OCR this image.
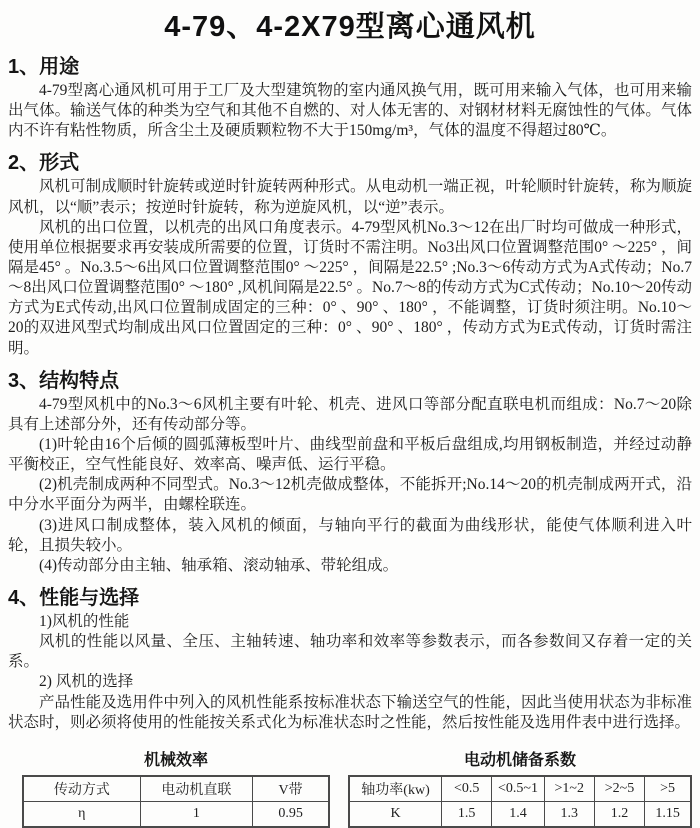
4-79、4-2X79型离心通风机
1、用途

4-79型离心通风机可用于工厂及大型建筑物的室内通风换气用，既可用来输入气体，也可用来输出气体。输送气体的种类为空气和其他不自燃的、对人体无害的、对钢材材料无腐蚀性的气体。气体内不许有粘性物质，所含尘土及硬质颗粒物不大于150mg/m³，气体的温度不得超过80℃。

2、形式

风机可制成顺时针旋转或逆时针旋转两种形式。从电动机一端正视，叶轮顺时针旋转，称为顺旋风机，以“顺”表示；按逆时针旋转，称为逆旋风机，以“逆”表示。

风机的出口位置，以机壳的出风口角度表示。4-79型风机No.3～12在出厂时均可做成一种形式，使用单位根据要求再安装成所需要的位置，订货时不需注明。No3出风口位置调整范围0° ～225° ，间隔是45° 。No.3.5～6出风口位置调整范围0° ～225° ，间隔是22.5° ;No.3～6传动方式为A式传动；No.7～8出风口位置调整范围0° ～180° ,风机间隔是22.5° 。No.7～8的传动方式为C式传动；No.10～20传动方式为E式传动,出风口位置制成固定的三种：0° 、90° 、180° ，不能调整，订货时须注明。No.10～20的双进风型式均制成出风口位置固定的三种：0° 、90° 、180° ，传动方式为E式传动，订货时需注明。

3、结构特点

4-79型风机中的No.3～6风机主要有叶轮、机壳、进风口等部分配直联电机而组成：No.7～20除具有上述部分外，还有传动部分等。

(1)叶轮由16个后倾的圆弧薄板型叶片、曲线型前盘和平板后盘组成,均用钢板制造，并经过动静平衡校正，空气性能良好、效率高、噪声低、运行平稳。

(2)机壳制成两种不同型式。No.3～12机壳做成整体，不能拆开;No.14～20的机壳制成两开式，沿中分水平面分为两半，由螺栓联连。

(3)进风口制成整体，装入风机的倾面，与轴向平行的截面为曲线形状，能使气体顺利进入叶轮，且损失较小。

(4)传动部分由主轴、轴承箱、滚动轴承、带轮组成。

4、性能与选择

1)风机的性能

风机的性能以风量、全压、主轴转速、轴功率和效率等参数表示，而各参数间又存着一定的关系。

2) 风机的选择

产品性能及选用件中列入的风机性能系按标准状态下输送空气的性能，因此当使用状态为非标准状态时，则必须将使用的性能按关系式化为标准状态时之性能，然后按性能及选用件表中进行选择。

机械效率
传动方式	电动机直联	V带
η	1	0.95
电动机储备系数
轴功率(kw)	<0.5	<0.5~1	>1~2	>2~5	>5
K	1.5	1.4	1.3	1.2	1.15
